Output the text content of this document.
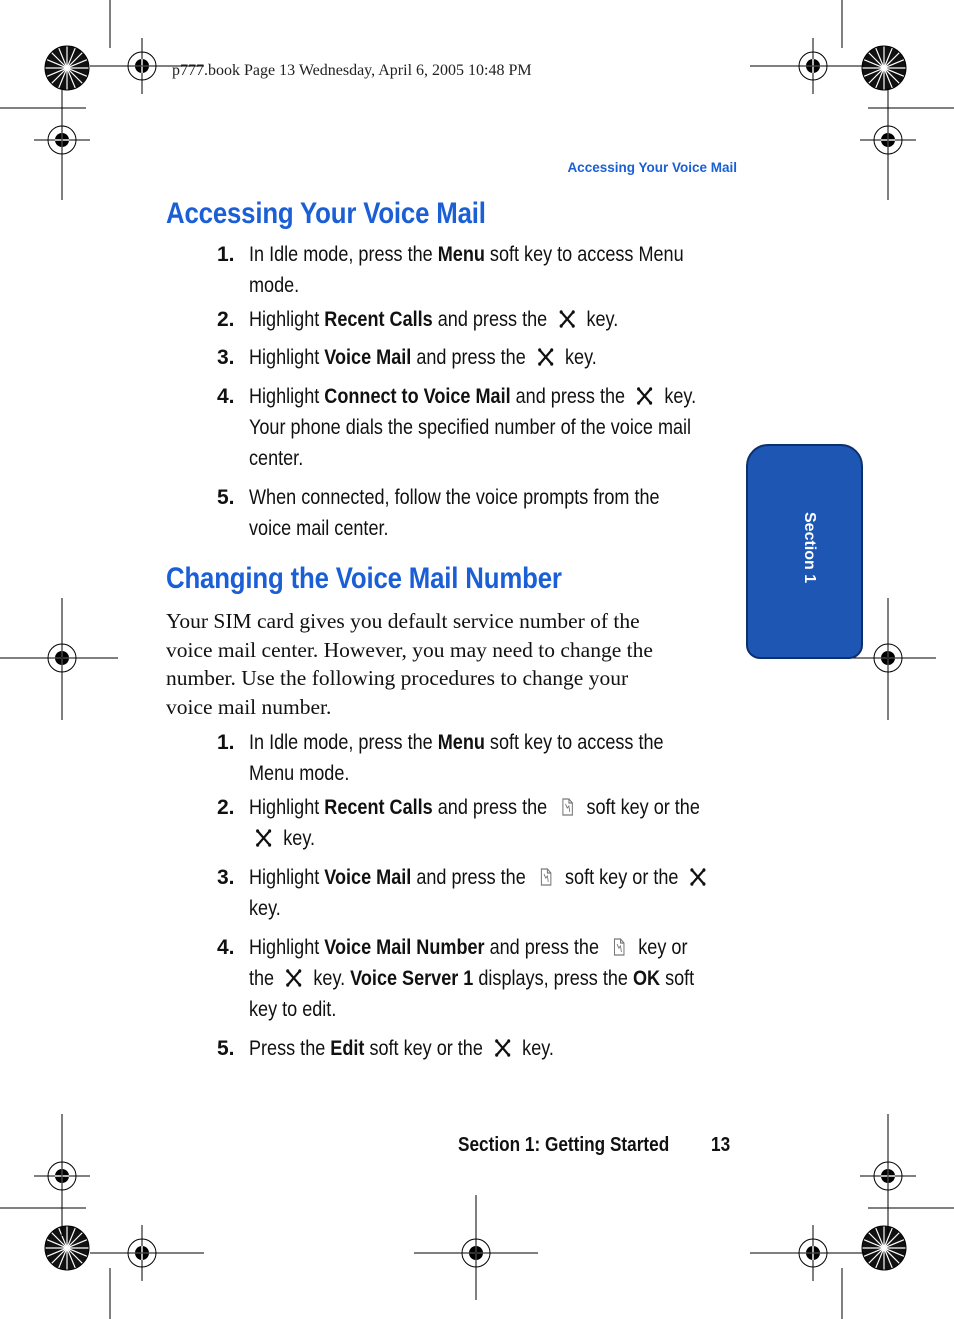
p777.book Page 13 Wednesday, April 6, 2005 10:48 PM
Accessing Your Voice Mail
Section 1
Accessing Your Voice Mail
1. In Idle mode, press the Menu soft key to access Menu
mode.
2. Highlight Recent Calls and press the
key.
3. Highlight Voice Mail and press the
key.
4. Highlight Connect to Voice Mail and press the
key.
Your phone dials the specified number of the voice mail
center.
5. When connected, follow the voice prompts from the
voice mail center.
Changing the Voice Mail Number
Your SIM card gives you default service number of the
voice mail center. However, you may need to change the
number. Use the following procedures to change your
voice mail number.
1. In Idle mode, press the Menu soft key to access the
Menu mode.
2. Highlight Recent Calls and press the
soft key or the
key.
3. Highlight Voice Mail and press the
soft key or the
key.
4. Highlight Voice Mail Number and press the
key or
the
key. Voice Server 1 displays, press the OK soft
key to edit.
5. Press the Edit soft key or the
key.
Section 1: Getting Started 13
